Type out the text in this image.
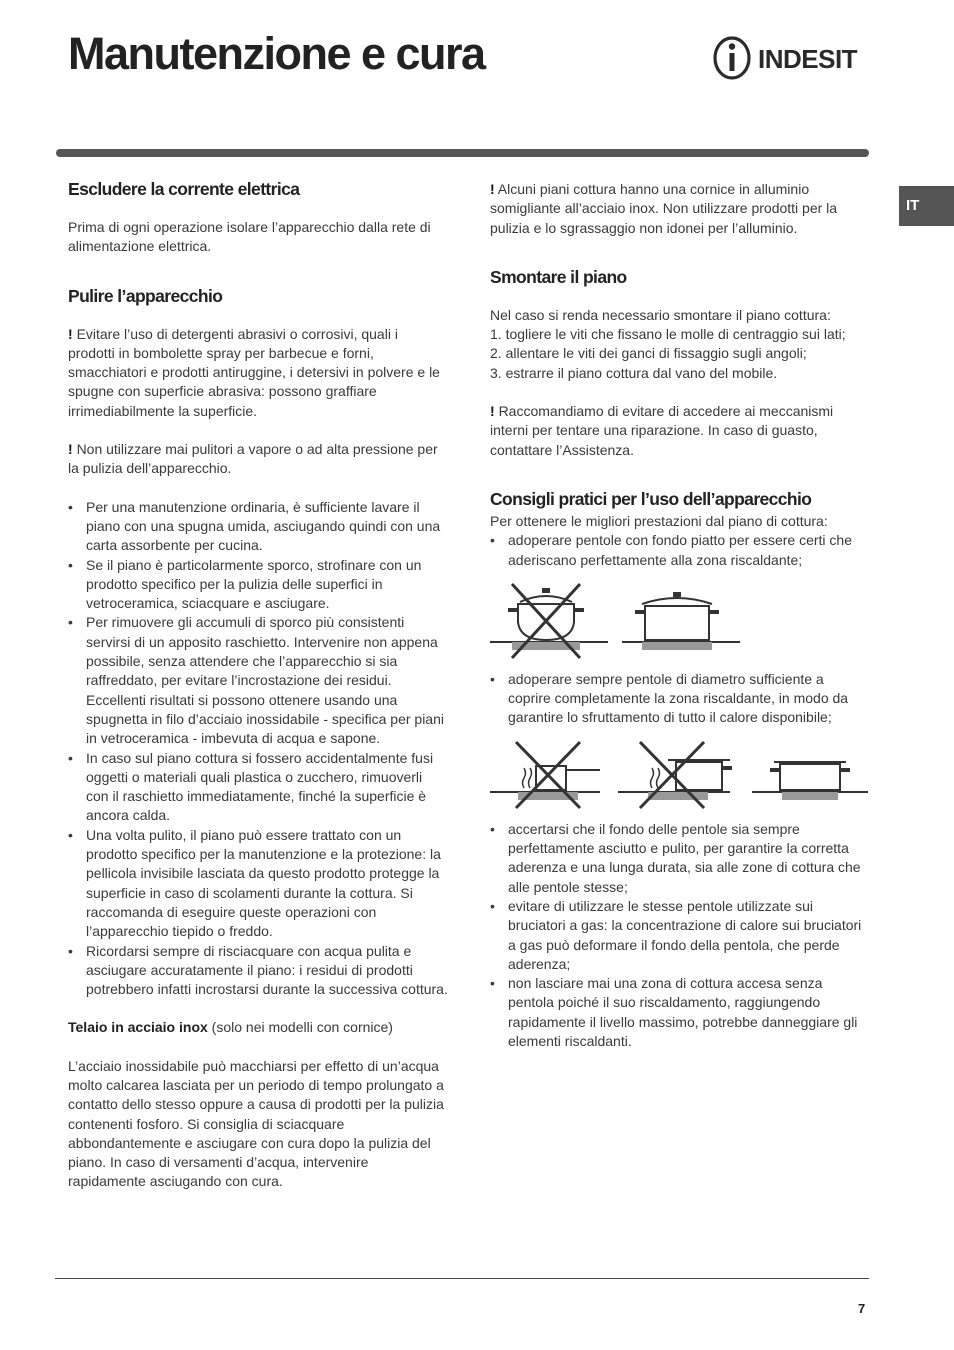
Manutenzione e cura	INDESIT
IT
Escludere la corrente elettrica

Prima di ogni operazione isolare l’apparecchio dalla rete di alimentazione elettrica.

Pulire l’apparecchio

! Evitare l’uso di detergenti abrasivi o corrosivi, quali i prodotti in bombolette spray per barbecue e forni, smacchiatori e prodotti antiruggine, i detersivi in polvere e le spugne con superficie abrasiva: possono graffiare irrimediabilmente la superficie.

! Non utilizzare mai pulitori a vapore o ad alta pressione per la pulizia dell’apparecchio.

• Per una manutenzione ordinaria, è sufficiente lavare il piano con una spugna umida, asciugando quindi con una carta assorbente per cucina.
• Se il piano è particolarmente sporco, strofinare con un prodotto specifico per la pulizia delle superfici in vetroceramica, sciacquare e asciugare.
• Per rimuovere gli accumuli di sporco più consistenti servirsi di un apposito raschietto. Intervenire non appena possibile, senza attendere che l’apparecchio si sia raffreddato, per evitare l’incrostazione dei residui. Eccellenti risultati si possono ottenere usando una spugnetta in filo d’acciaio inossidabile - specifica per piani in vetroceramica - imbevuta di acqua e sapone.
• In caso sul piano cottura si fossero accidentalmente fusi oggetti o materiali quali plastica o zucchero, rimuoverli con il raschietto immediatamente, finché la superficie è ancora calda.
• Una volta pulito, il piano può essere trattato con un prodotto specifico per la manutenzione e la protezione: la pellicola invisibile lasciata da questo prodotto protegge la superficie in caso di scolamenti durante la cottura. Si raccomanda di eseguire queste operazioni con l’apparecchio tiepido o freddo.
• Ricordarsi sempre di risciacquare con acqua pulita e asciugare accuratamente il piano: i residui di prodotti potrebbero infatti incrostarsi durante la successiva cottura.

Telaio in acciaio inox (solo nei modelli con cornice)

L’acciaio inossidabile può macchiarsi per effetto di un’acqua molto calcarea lasciata per un periodo di tempo prolungato a contatto dello stesso oppure a causa di prodotti per la pulizia contenenti fosforo. Si consiglia di sciacquare abbondantemente e asciugare con cura dopo la pulizia del piano. In caso di versamenti d’acqua, intervenire rapidamente asciugando con cura.

! Alcuni piani cottura hanno una cornice in alluminio somigliante all’acciaio inox. Non utilizzare prodotti per la pulizia e lo sgrassaggio non idonei per l’alluminio.

Smontare il piano

Nel caso si renda necessario smontare il piano cottura:

1. togliere le viti che fissano le molle di centraggio sui lati;

2. allentare le viti dei ganci di fissaggio sugli angoli;

3. estrarre il piano cottura dal vano del mobile.

! Raccomandiamo di evitare di accedere ai meccanismi interni per tentare una riparazione. In caso di guasto, contattare l’Assistenza.

Consigli pratici per l’uso dell’apparecchio

Per ottenere le migliori prestazioni dal piano di cottura:

• adoperare pentole con fondo piatto per essere certi che aderiscano perfettamente alla zona riscaldante;
• adoperare sempre pentole di diametro sufficiente a coprire completamente la zona riscaldante, in modo da garantire lo sfruttamento di tutto il calore disponibile;
• accertarsi che il fondo delle pentole sia sempre perfettamente asciutto e pulito, per garantire la corretta aderenza e una lunga durata, sia alle zone di cottura che alle pentole stesse;
• evitare di utilizzare le stesse pentole utilizzate sui bruciatori a gas: la concentrazione di calore sui bruciatori a gas può deformare il fondo della pentola, che perde aderenza;
• non lasciare mai una zona di cottura accesa senza pentola poiché il suo riscaldamento, raggiungendo rapidamente il livello massimo, potrebbe danneggiare gli elementi riscaldanti.
7
